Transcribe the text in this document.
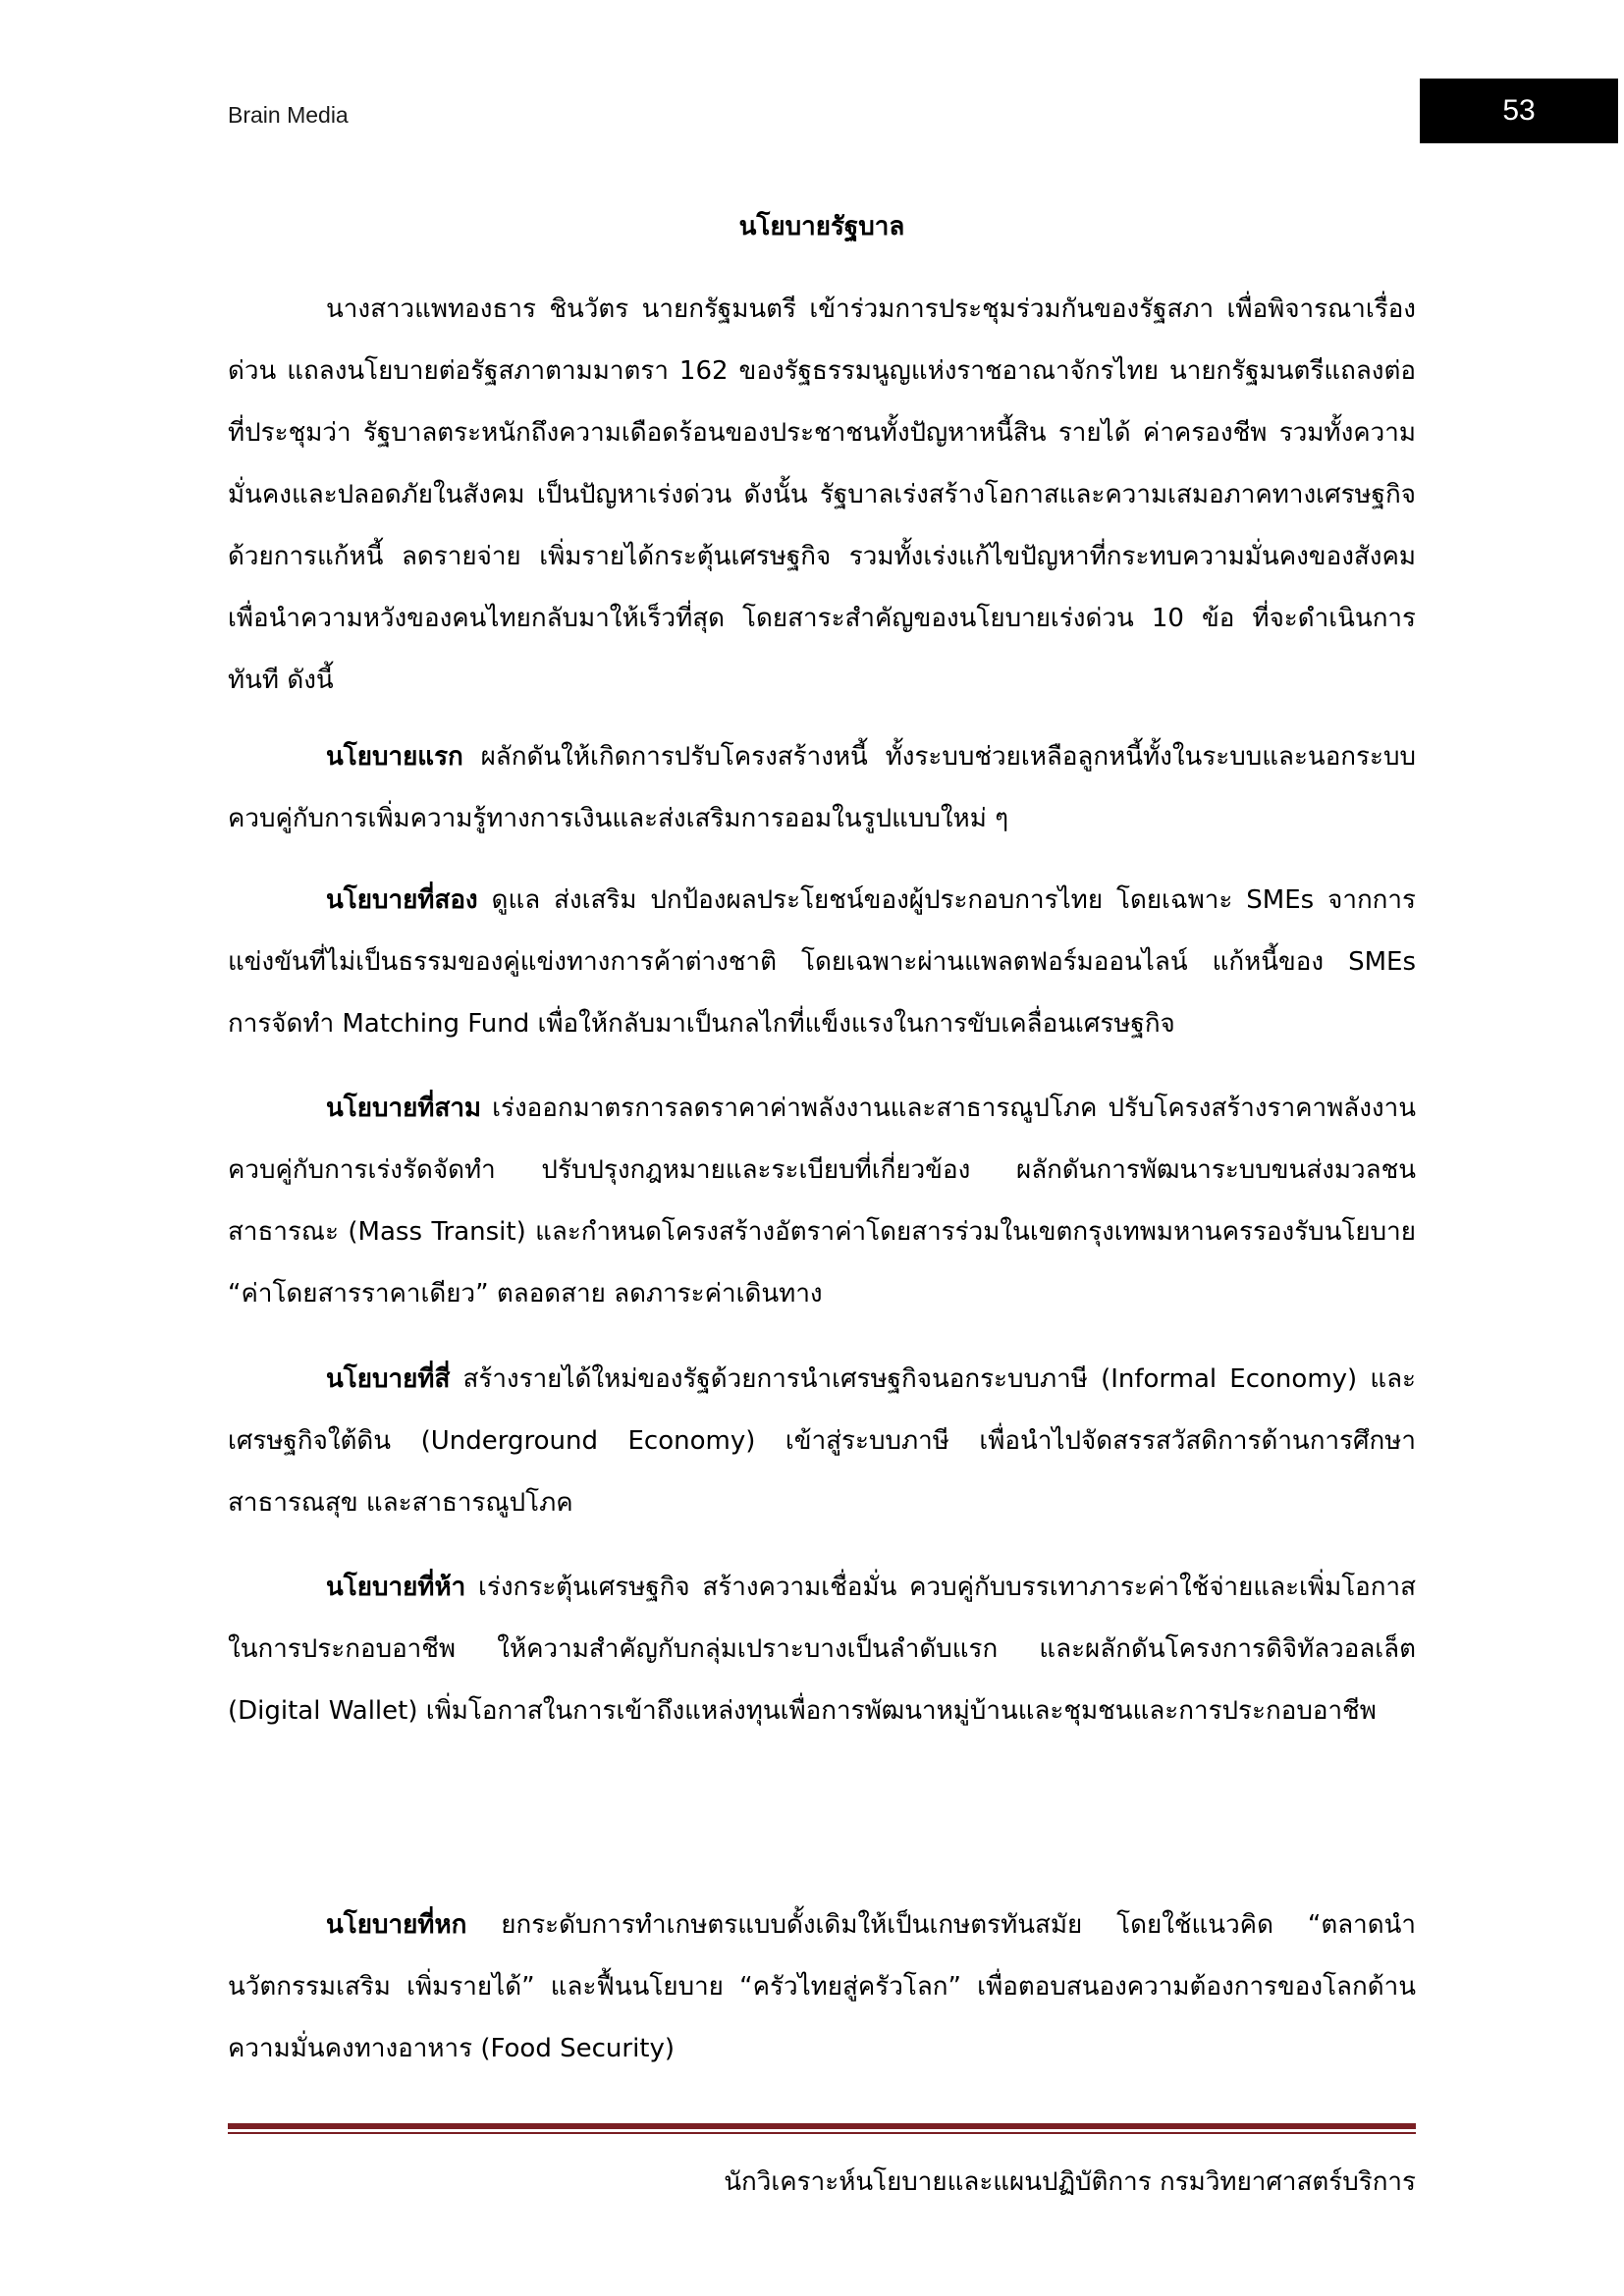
Brain Media	53
นโยบายรัฐบาล

นางสาวแพทองธาร ชินวัตร นายกรัฐมนตรี เข้าร่วมการประชุมร่วมกันของรัฐสภา เพื่อพิจารณาเรื่องด่วน แถลงนโยบายต่อรัฐสภาตามมาตรา 162 ของรัฐธรรมนูญแห่งราชอาณาจักรไทย นายกรัฐมนตรีแถลงต่อที่ประชุมว่า รัฐบาลตระหนักถึงความเดือดร้อนของประชาชนทั้งปัญหาหนี้สิน รายได้ ค่าครองชีพ รวมทั้งความมั่นคงและปลอดภัยในสังคม เป็นปัญหาเร่งด่วน ดังนั้น รัฐบาลเร่งสร้างโอกาสและความเสมอภาคทางเศรษฐกิจ ด้วยการแก้หนี้ ลดรายจ่าย เพิ่มรายได้กระตุ้นเศรษฐกิจ รวมทั้งเร่งแก้ไขปัญหาที่กระทบความมั่นคงของสังคม เพื่อนำความหวังของคนไทยกลับมาให้เร็วที่สุด โดยสาระสำคัญของนโยบายเร่งด่วน 10 ข้อ ที่จะดำเนินการทันที ดังนี้

นโยบายแรก ผลักดันให้เกิดการปรับโครงสร้างหนี้ ทั้งระบบช่วยเหลือลูกหนี้ทั้งในระบบและนอกระบบ ควบคู่กับการเพิ่มความรู้ทางการเงินและส่งเสริมการออมในรูปแบบใหม่ ๆ

นโยบายที่สอง ดูแล ส่งเสริม ปกป้องผลประโยชน์ของผู้ประกอบการไทย โดยเฉพาะ SMEs จากการแข่งขันที่ไม่เป็นธรรมของคู่แข่งทางการค้าต่างชาติ โดยเฉพาะผ่านแพลตฟอร์มออนไลน์ แก้หนี้ของ SMEs การจัดทำ Matching Fund เพื่อให้กลับมาเป็นกลไกที่แข็งแรงในการขับเคลื่อนเศรษฐกิจ

นโยบายที่สาม เร่งออกมาตรการลดราคาค่าพลังงานและสาธารณูปโภค ปรับโครงสร้างราคาพลังงานควบคู่กับการเร่งรัดจัดทำ ปรับปรุงกฎหมายและระเบียบที่เกี่ยวข้อง ผลักดันการพัฒนาระบบขนส่งมวลชนสาธารณะ (Mass Transit) และกำหนดโครงสร้างอัตราค่าโดยสารร่วมในเขตกรุงเทพมหานครรองรับนโยบาย “ค่าโดยสารราคาเดียว” ตลอดสาย ลดภาระค่าเดินทาง

นโยบายที่สี่ สร้างรายได้ใหม่ของรัฐด้วยการนำเศรษฐกิจนอกระบบภาษี (Informal Economy) และเศรษฐกิจใต้ดิน (Underground Economy) เข้าสู่ระบบภาษี เพื่อนำไปจัดสรรสวัสดิการด้านการศึกษา สาธารณสุข และสาธารณูปโภค

นโยบายที่ห้า เร่งกระตุ้นเศรษฐกิจ สร้างความเชื่อมั่น ควบคู่กับบรรเทาภาระค่าใช้จ่ายและเพิ่มโอกาสในการประกอบอาชีพ ให้ความสำคัญกับกลุ่มเปราะบางเป็นลำดับแรก และผลักดันโครงการดิจิทัลวอลเล็ต (Digital Wallet) เพิ่มโอกาสในการเข้าถึงแหล่งทุนเพื่อการพัฒนาหมู่บ้านและชุมชนและการประกอบอาชีพ

นโยบายที่หก ยกระดับการทำเกษตรแบบดั้งเดิมให้เป็นเกษตรทันสมัย โดยใช้แนวคิด “ตลาดนำนวัตกรรมเสริม เพิ่มรายได้” และฟื้นนโยบาย “ครัวไทยสู่ครัวโลก” เพื่อตอบสนองความต้องการของโลกด้านความมั่นคงทางอาหาร (Food Security)

นักวิเคราะห์นโยบายและแผนปฏิบัติการ กรมวิทยาศาสตร์บริการ
